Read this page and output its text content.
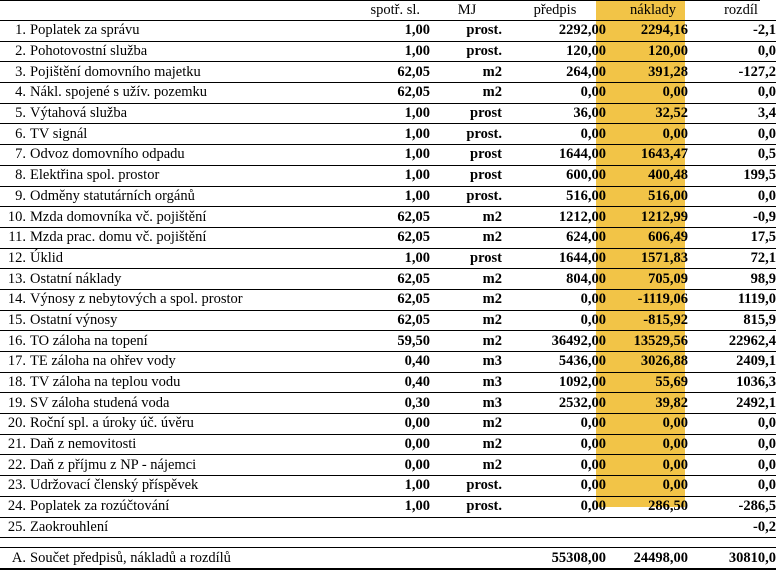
		spotř. sl.	MJ	předpis	náklady	rozdíl
1.	Poplatek za správu	1,00	prost.	2292,00	2294,16	-2,1
2.	Pohotovostní služba	1,00	prost.	120,00	120,00	0,0
3.	Pojištění domovního majetku	62,05	m2	264,00	391,28	-127,2
4.	Nákl. spojené s užív. pozemku	62,05	m2	0,00	0,00	0,0
5.	Výtahová služba	1,00	prost	36,00	32,52	3,4
6.	TV signál	1,00	prost.	0,00	0,00	0,0
7.	Odvoz domovního odpadu	1,00	prost	1644,00	1643,47	0,5
8.	Elektřina spol. prostor	1,00	prost	600,00	400,48	199,5
9.	Odměny statutárních orgánů	1,00	prost.	516,00	516,00	0,0
10.	Mzda domovníka vč. pojištění	62,05	m2	1212,00	1212,99	-0,9
11.	Mzda prac. domu vč. pojištění	62,05	m2	624,00	606,49	17,5
12.	Úklid	1,00	prost	1644,00	1571,83	72,1
13.	Ostatní náklady	62,05	m2	804,00	705,09	98,9
14.	Výnosy z nebytových a spol. prostor	62,05	m2	0,00	-1119,06	1119,0
15.	Ostatní výnosy	62,05	m2	0,00	-815,92	815,9
16.	TO záloha na topení	59,50	m2	36492,00	13529,56	22962,4
17.	TE záloha na ohřev vody	0,40	m3	5436,00	3026,88	2409,1
18.	TV záloha na teplou vodu	0,40	m3	1092,00	55,69	1036,3
19.	SV záloha studená voda	0,30	m3	2532,00	39,82	2492,1
20.	Roční spl. a úroky úč. úvěru	0,00	m2	0,00	0,00	0,0
21.	Daň z nemovitosti	0,00	m2	0,00	0,00	0,0
22.	Daň z příjmu z NP - nájemci	0,00	m2	0,00	0,00	0,0
23.	Udržovací členský příspěvek	1,00	prost.	0,00	0,00	0,0
24.	Poplatek za rozúčtování	1,00	prost.	0,00	286,50	-286,5
25.	Zaokrouhlení					-0,2

A.	Součet předpisů, nákladů a rozdílů			55308,00	24498,00	30810,0
